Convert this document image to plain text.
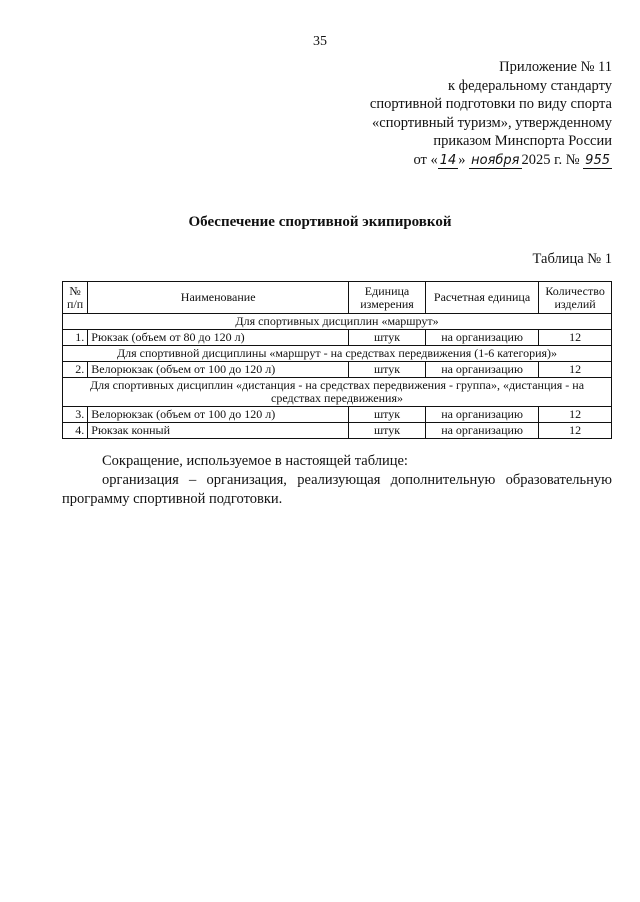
35
Приложение № 11
к федеральному стандарту
спортивной подготовки по виду спорта
«спортивный туризм», утвержденному
приказом Минспорта России
от « 14 » ноября 2025 г. № 955
Обеспечение спортивной экипировкой
Таблица № 1
№ п/п	Наименование	Единица измерения	Расчетная единица	Количество изделий
Для спортивных дисциплин «маршрут»				
1.	Рюкзак (объем от 80 до 120 л)	штук	на организацию	12
Для спортивной дисциплины «маршрут - на средствах передвижения (1-6 категория)»				
2.	Велорюкзак (объем от 100 до 120 л)	штук	на организацию	12
Для спортивных дисциплин «дистанция - на средствах передвижения - группа», «дистанция - на средствах передвижения»				
3.	Велорюкзак (объем от 100 до 120 л)	штук	на организацию	12
4.	Рюкзак конный	штук	на организацию	12

Сокращение, используемое в настоящей таблице:

организация – организация, реализующая дополнительную образовательную программу спортивной подготовки.
